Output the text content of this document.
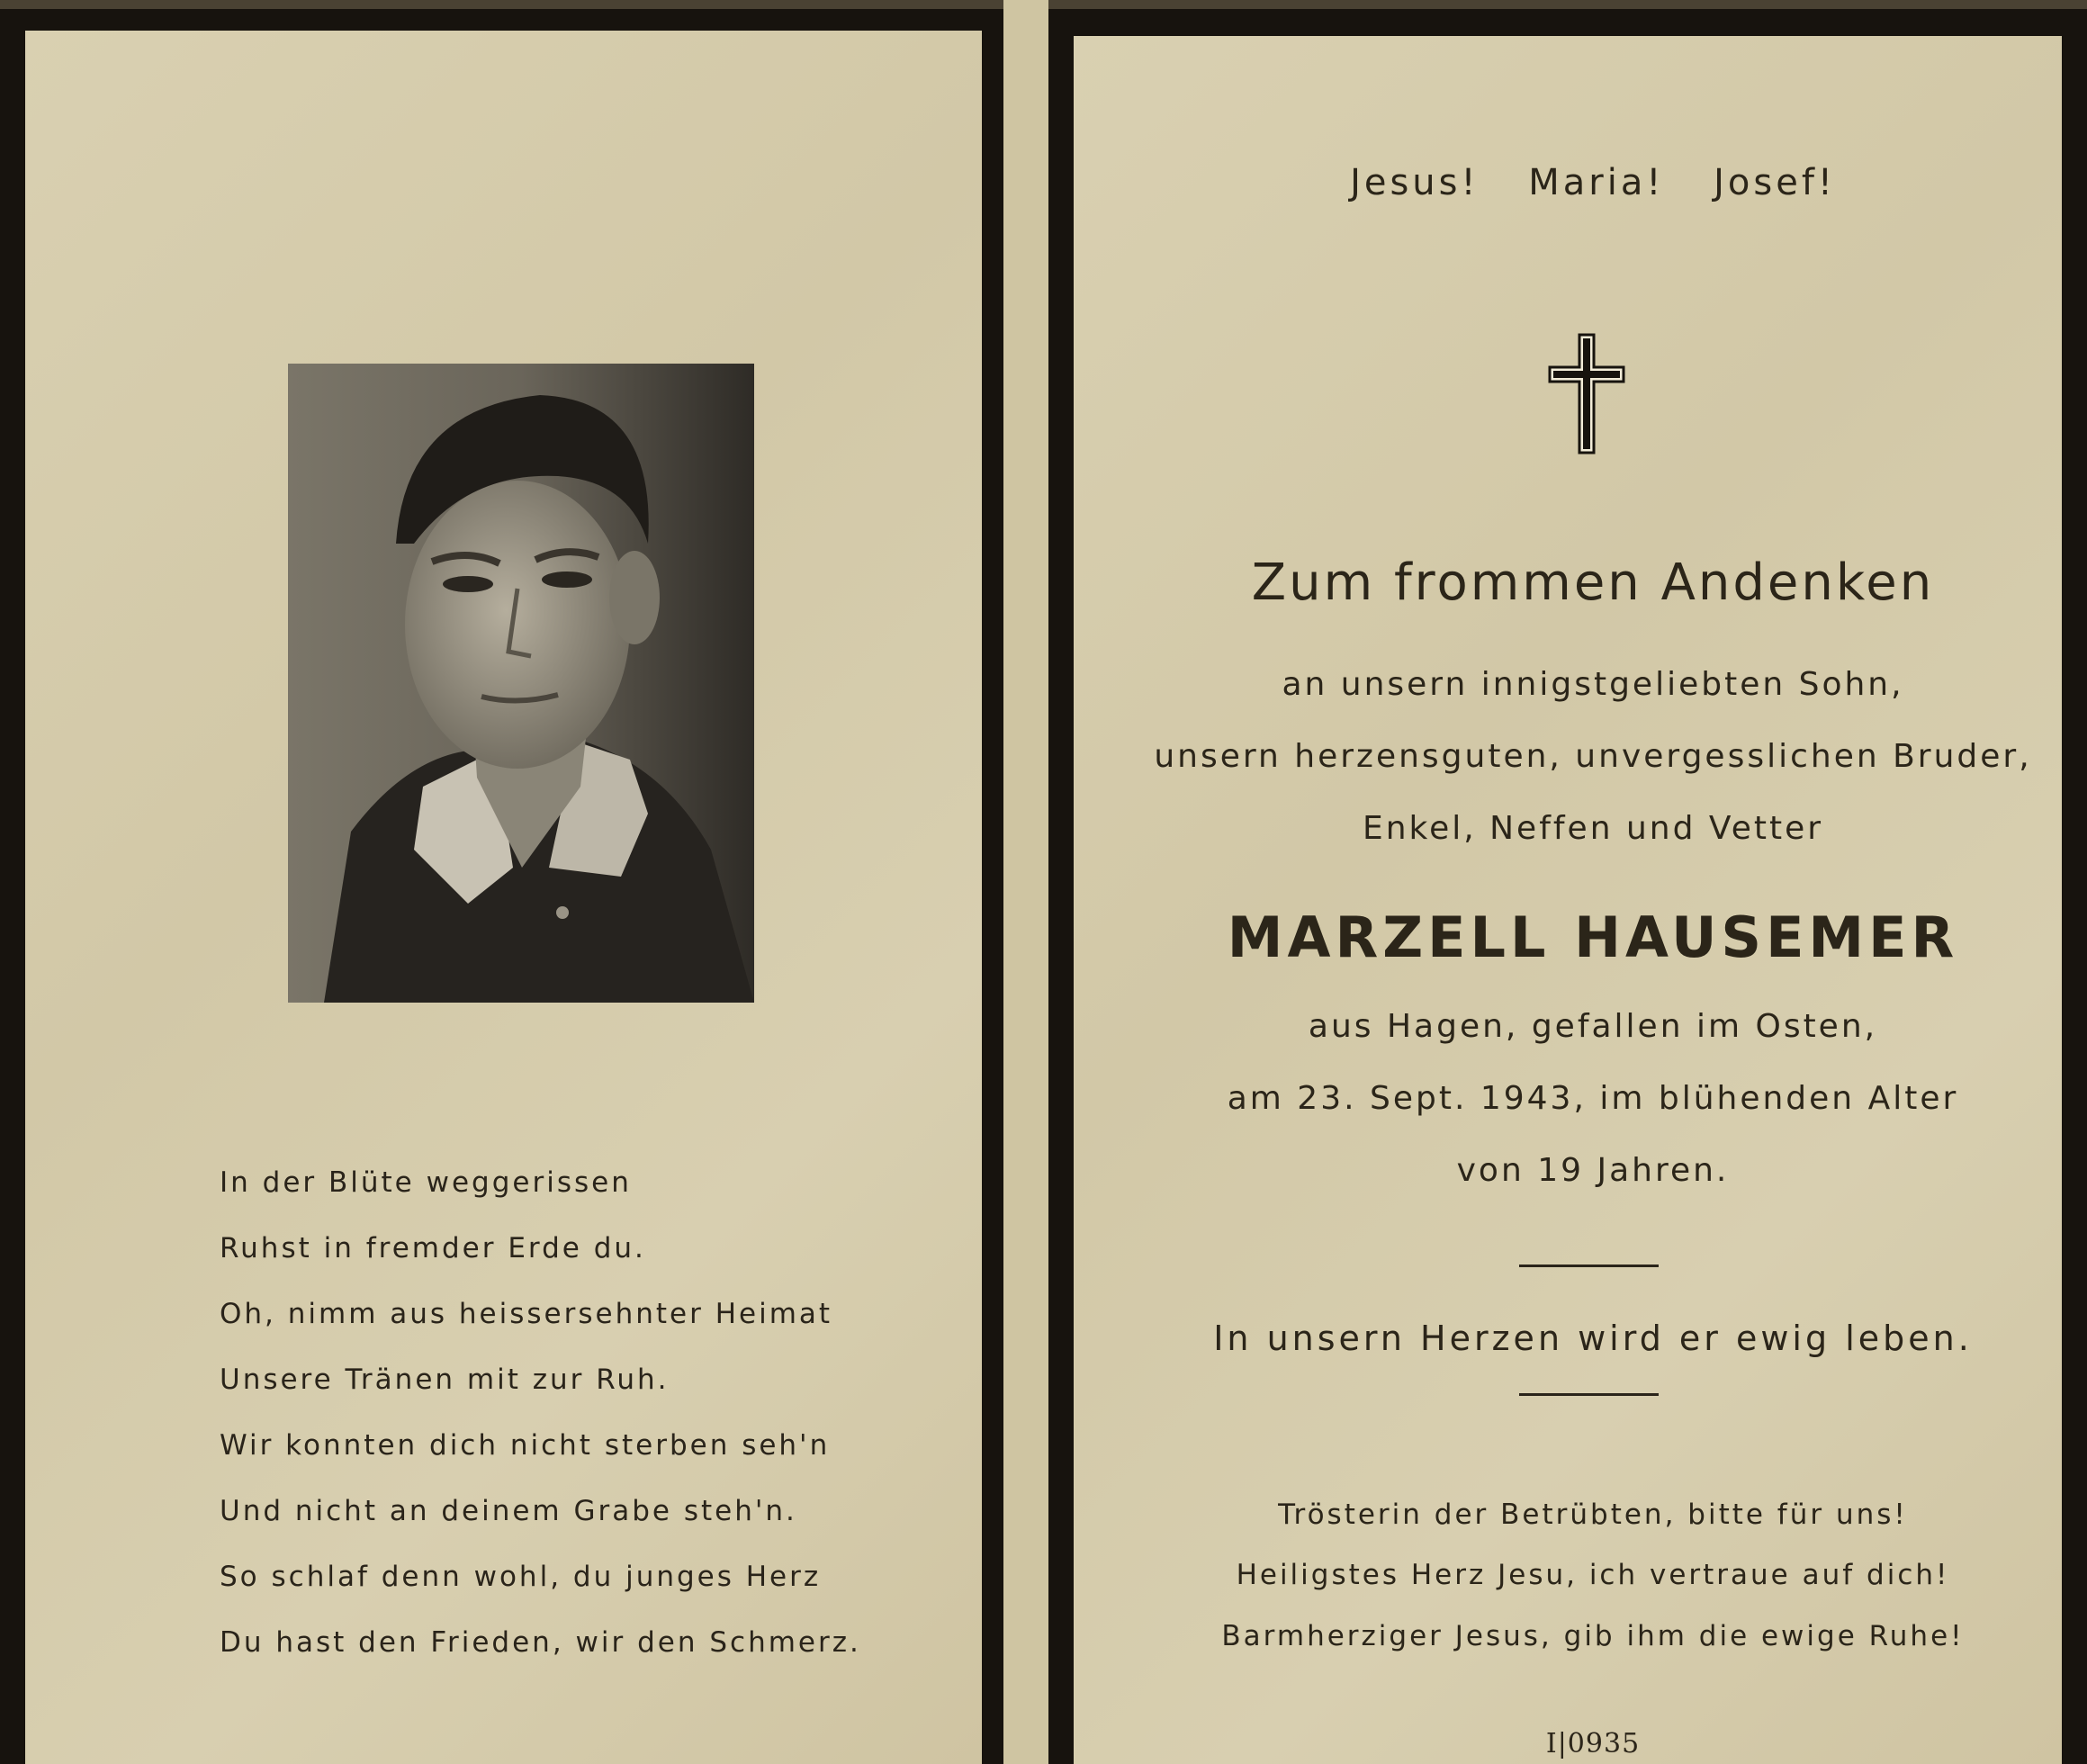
In der Blüte weggerissen
Ruhst in fremder Erde du.
Oh, nimm aus heissersehnter Heimat
Unsere Tränen mit zur Ruh.
Wir konnten dich nicht sterben seh'n
Und nicht an deinem Grabe steh'n.
So schlaf denn wohl, du junges Herz
Du hast den Frieden, wir den Schmerz.
Jesus! Maria! Josef!
Zum frommen Andenken
an unsern innigstgeliebten Sohn,
unsern herzensguten, unvergesslichen Bruder,
Enkel, Neffen und Vetter
MARZELL HAUSEMER
aus Hagen, gefallen im Osten,
am 23. Sept. 1943, im blühenden Alter
von 19 Jahren.
In unsern Herzen wird er ewig leben.
Trösterin der Betrübten, bitte für uns!
Heiligstes Herz Jesu, ich vertraue auf dich!
Barmherziger Jesus, gib ihm die ewige Ruhe!
I|0935
